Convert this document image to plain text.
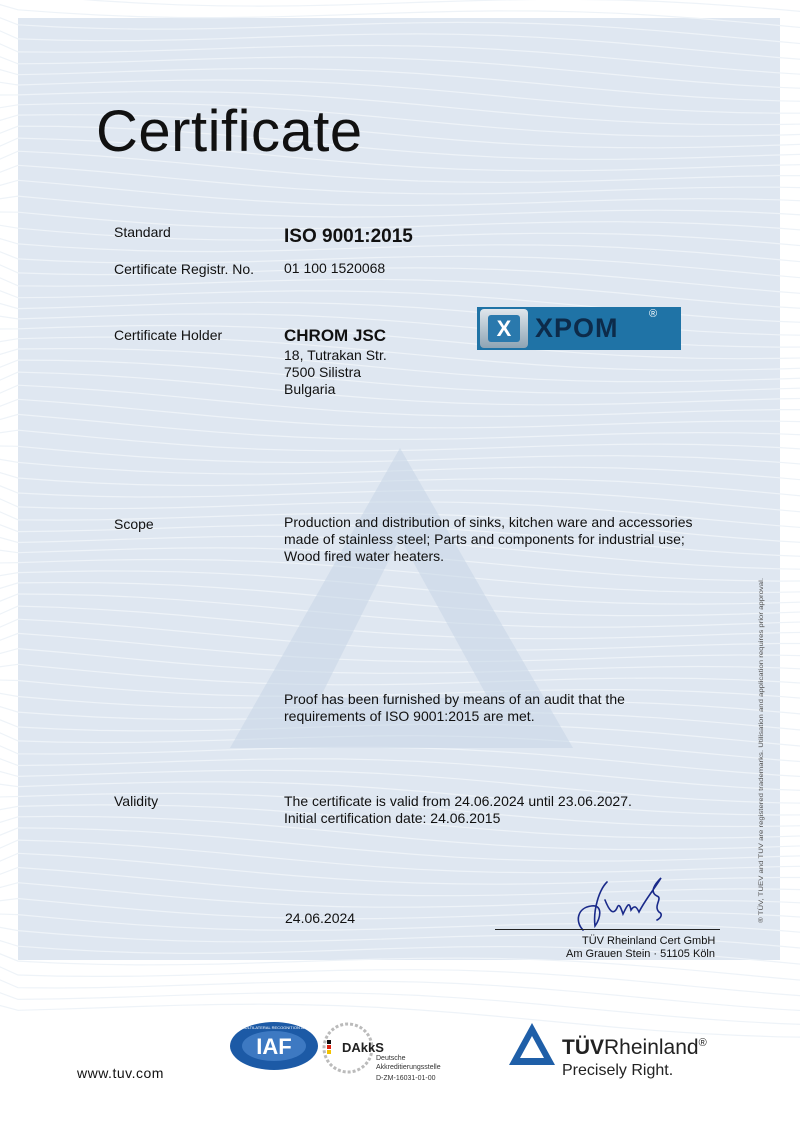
Certificate
Standard	ISO 9001:2015
Certificate Registr. No. 01 100 1520068
Certificate Holder	CHROM JSC
18, Tutrakan Str.
7500 Silistra
Bulgaria
X XPOM	®
Scope	Production and distribution of sinks, kitchen ware and accessories
made of stainless steel; Parts and components for industrial use;
Wood fired water heaters.
Proof has been furnished by means of an audit that the
requirements of ISO 9001:2015 are met.
Validity	The certificate is valid from 24.06.2024 until 23.06.2027.
Initial certification date: 24.06.2015
24.06.2024
TÜV Rheinland Cert GmbH
Am Grauen Stein · 51105 Köln
® TÜV, TUEV and TUV are registered trademarks. Utilisation and application requires prior approval.
www.tuv.com
IAF
MEMBER OF MULTILATERAL RECOGNITION ARRANGEMENT
DAkkS
Deutsche
Akkreditierungsstelle
D-ZM-16031-01-00
TÜVRheinland®
Precisely Right.
